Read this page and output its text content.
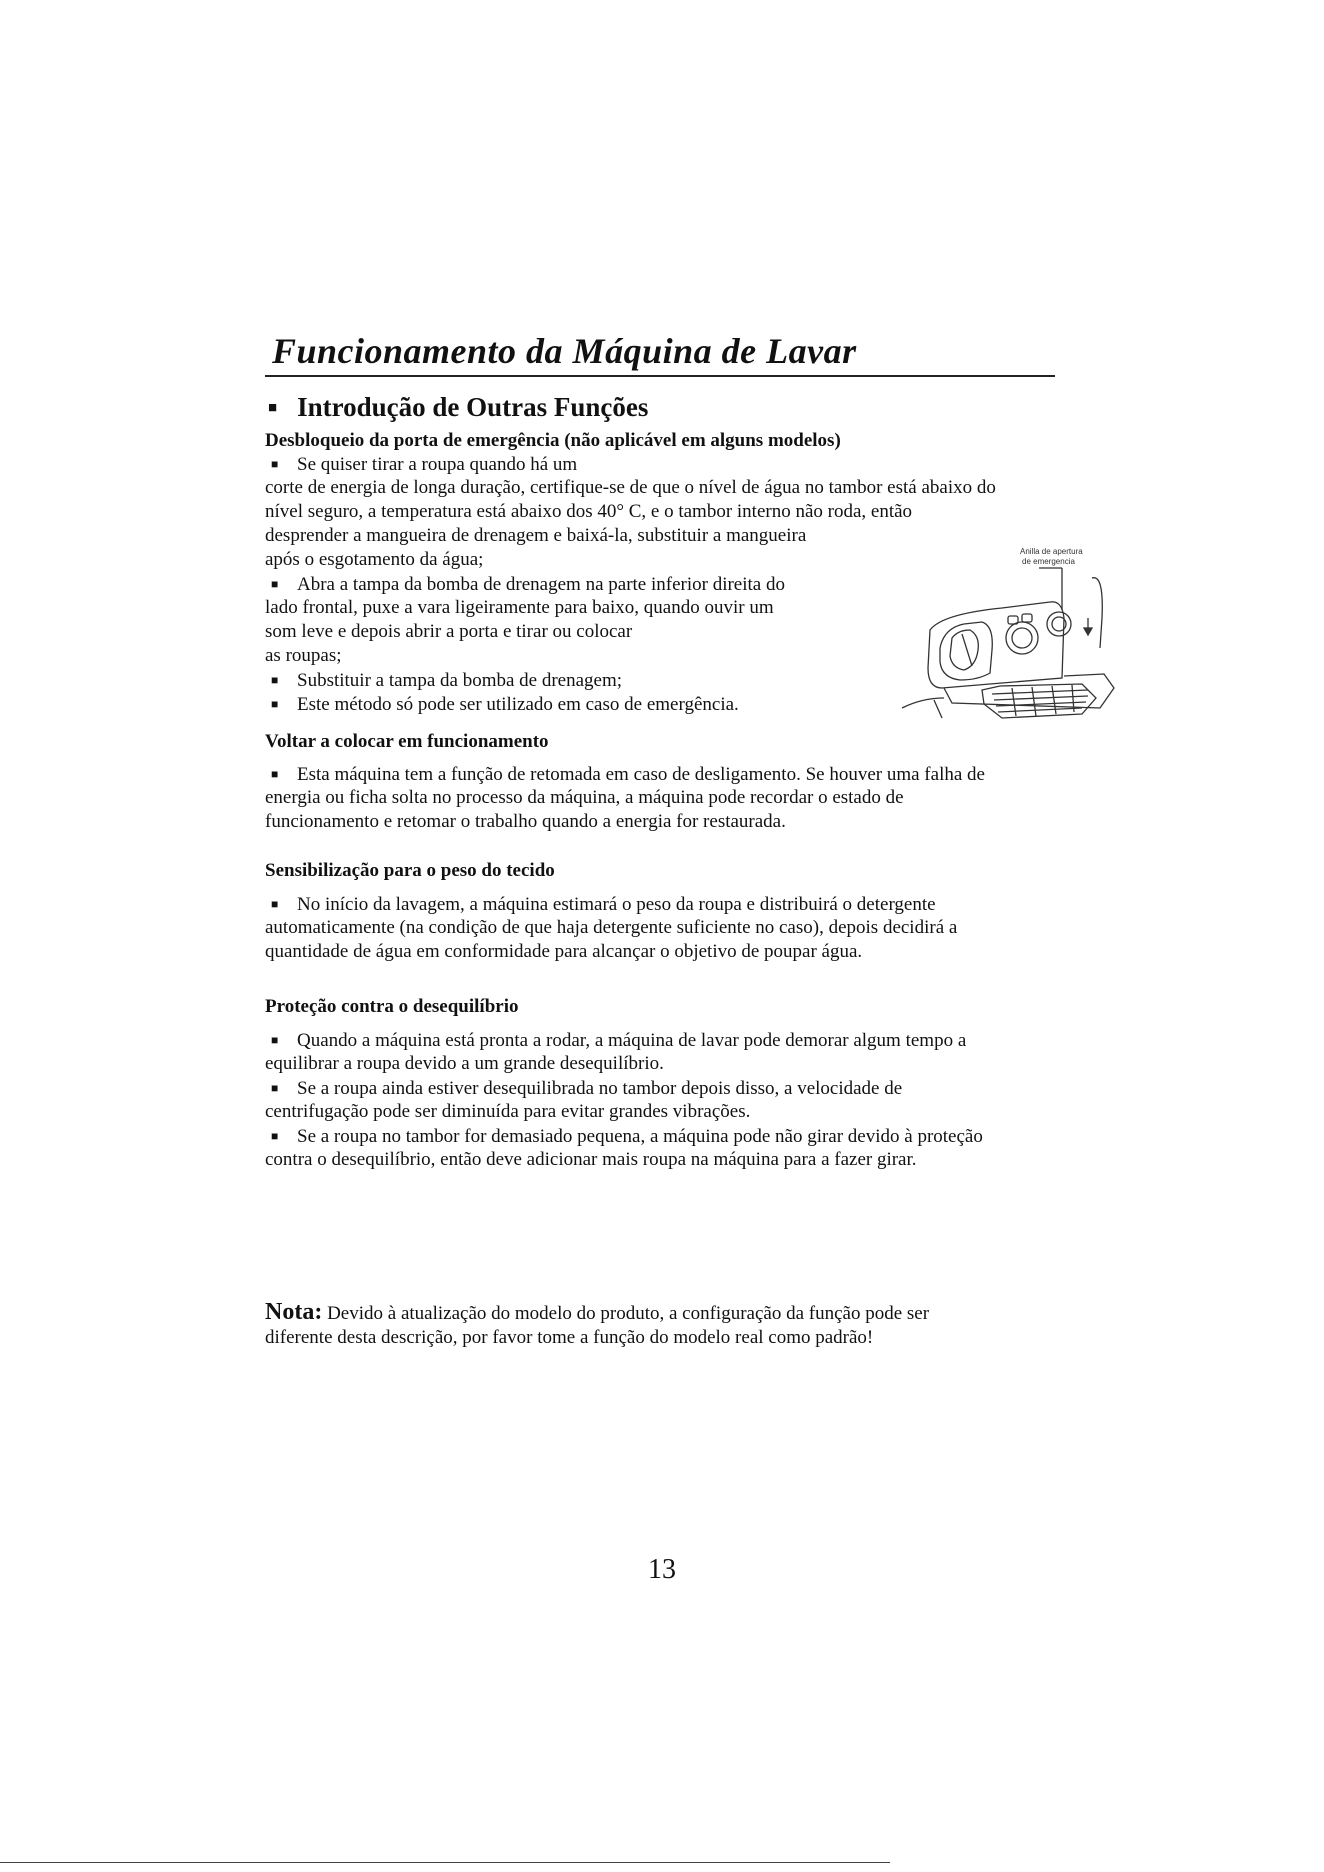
Funcionamento da Máquina de Lavar
■ Introdução de Outras Funções
Desbloqueio da porta de emergência (não aplicável em alguns modelos)
■ Se quiser tirar a roupa quando há um
corte de energia de longa duração, certifique-se de que o nível de água no tambor está abaixo do
nível seguro, a temperatura está abaixo dos 40° C, e o tambor interno não roda, então
desprender a mangueira de drenagem e baixá-la, substituir a mangueira
após o esgotamento da água;
■ Abra a tampa da bomba de drenagem na parte inferior direita do
lado frontal, puxe a vara ligeiramente para baixo, quando ouvir um
som leve e depois abrir a porta e tirar ou colocar
as roupas;
■ Substituir a tampa da bomba de drenagem;
■ Este método só pode ser utilizado em caso de emergência.
Anilla de apertura
de emergencia
Voltar a colocar em funcionamento
■ Esta máquina tem a função de retomada em caso de desligamento. Se houver uma falha de
energia ou ficha solta no processo da máquina, a máquina pode recordar o estado de
funcionamento e retomar o trabalho quando a energia for restaurada.
Sensibilização para o peso do tecido
■ No início da lavagem, a máquina estimará o peso da roupa e distribuirá o detergente
automaticamente (na condição de que haja detergente suficiente no caso), depois decidirá a
quantidade de água em conformidade para alcançar o objetivo de poupar água.
Proteção contra o desequilíbrio
■ Quando a máquina está pronta a rodar, a máquina de lavar pode demorar algum tempo a
equilibrar a roupa devido a um grande desequilíbrio.
■ Se a roupa ainda estiver desequilibrada no tambor depois disso, a velocidade de
centrifugação pode ser diminuída para evitar grandes vibrações.
■ Se a roupa no tambor for demasiado pequena, a máquina pode não girar devido à proteção
contra o desequilíbrio, então deve adicionar mais roupa na máquina para a fazer girar.
Nota: Devido à atualização do modelo do produto, a configuração da função pode ser
diferente desta descrição, por favor tome a função do modelo real como padrão!
13
